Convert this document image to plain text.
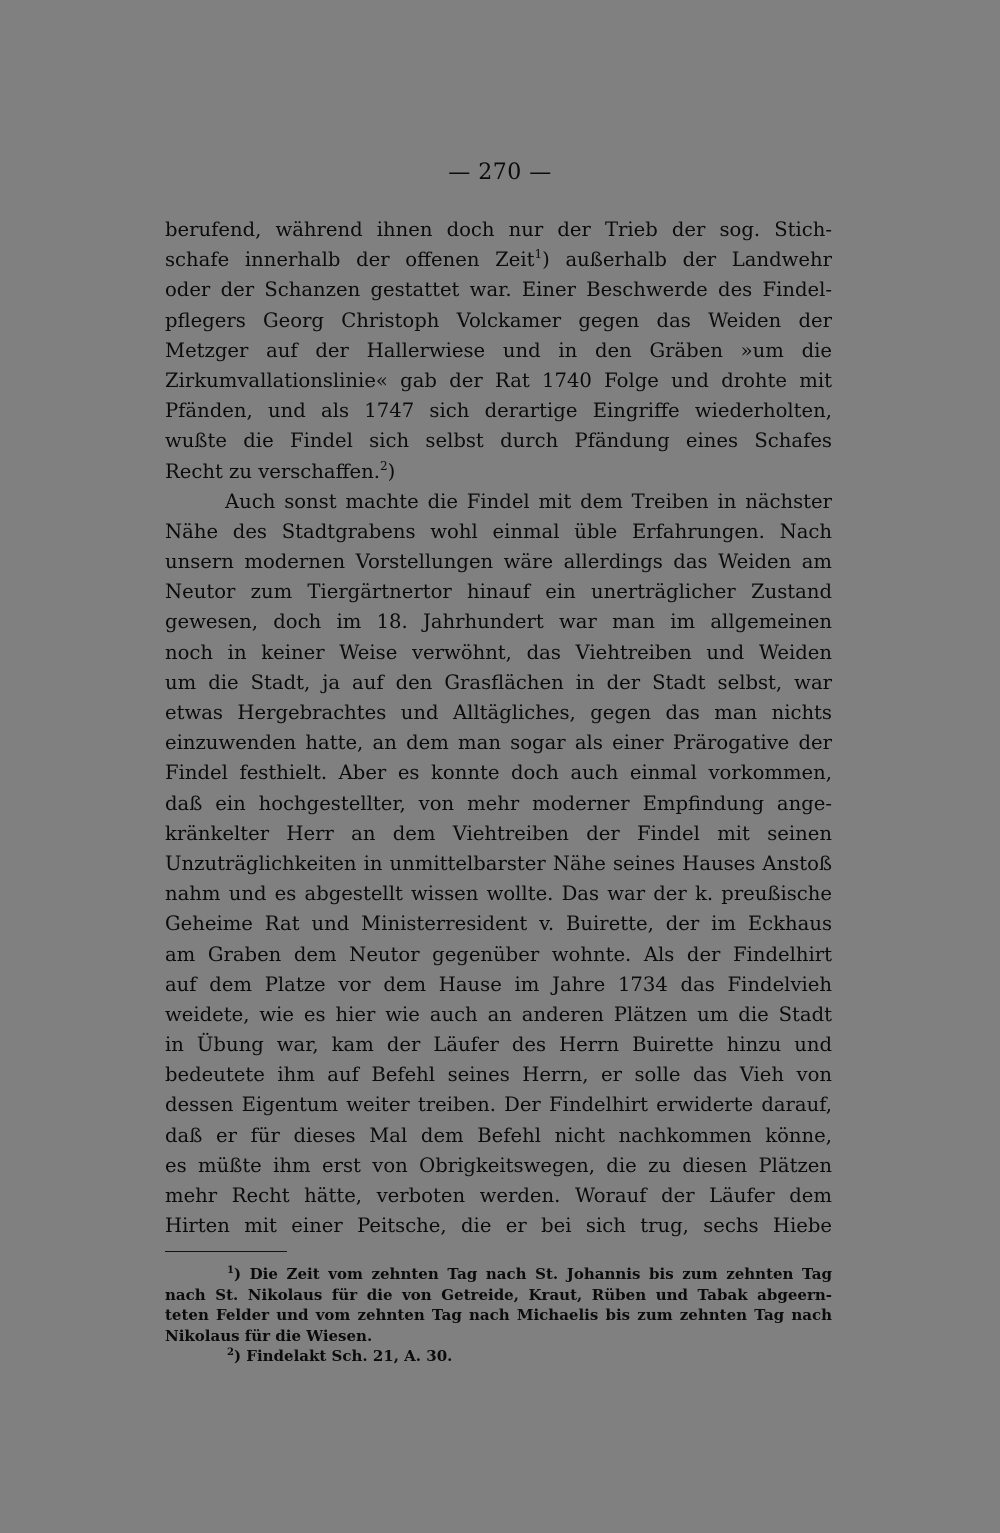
— 270 —
berufend, während ihnen doch nur der Trieb der sog. Stich-
schafe innerhalb der offenen Zeit$^1$) außerhalb der Landwehr
oder der Schanzen gestattet war. Einer Beschwerde des Findel-
pflegers Georg Christoph Volckamer gegen das Weiden der
Metzger auf der Hallerwiese und in den Gräben »um die
Zirkumvallationslinie« gab der Rat 1740 Folge und drohte mit
Pfänden, und als 1747 sich derartige Eingriffe wiederholten,
wußte die Findel sich selbst durch Pfändung eines Schafes
Recht zu verschaffen.$^2$)
Auch sonst machte die Findel mit dem Treiben in nächster
Nähe des Stadtgrabens wohl einmal üble Erfahrungen. Nach
unsern modernen Vorstellungen wäre allerdings das Weiden am
Neutor zum Tiergärtnertor hinauf ein unerträglicher Zustand
gewesen, doch im 18. Jahrhundert war man im allgemeinen
noch in keiner Weise verwöhnt, das Viehtreiben und Weiden
um die Stadt, ja auf den Grasflächen in der Stadt selbst, war
etwas Hergebrachtes und Alltägliches, gegen das man nichts
einzuwenden hatte, an dem man sogar als einer Prärogative der
Findel festhielt. Aber es konnte doch auch einmal vorkommen,
daß ein hochgestellter, von mehr moderner Empfindung ange-
kränkelter Herr an dem Viehtreiben der Findel mit seinen
Unzuträglichkeiten in unmittelbarster Nähe seines Hauses Anstoß
nahm und es abgestellt wissen wollte. Das war der k. preußische
Geheime Rat und Ministerresident v. Buirette, der im Eckhaus
am Graben dem Neutor gegenüber wohnte. Als der Findelhirt
auf dem Platze vor dem Hause im Jahre 1734 das Findelvieh
weidete, wie es hier wie auch an anderen Plätzen um die Stadt
in Übung war, kam der Läufer des Herrn Buirette hinzu und
bedeutete ihm auf Befehl seines Herrn, er solle das Vieh von
dessen Eigentum weiter treiben. Der Findelhirt erwiderte darauf,
daß er für dieses Mal dem Befehl nicht nachkommen könne,
es müßte ihm erst von Obrigkeitswegen, die zu diesen Plätzen
mehr Recht hätte, verboten werden. Worauf der Läufer dem
Hirten mit einer Peitsche, die er bei sich trug, sechs Hiebe
$^1$) Die Zeit vom zehnten Tag nach St. Johannis bis zum zehnten Tag
nach St. Nikolaus für die von Getreide, Kraut, Rüben und Tabak abgeern-
teten Felder und vom zehnten Tag nach Michaelis bis zum zehnten Tag nach
Nikolaus für die Wiesen.
$^2$) Findelakt Sch. 21, A. 30.
